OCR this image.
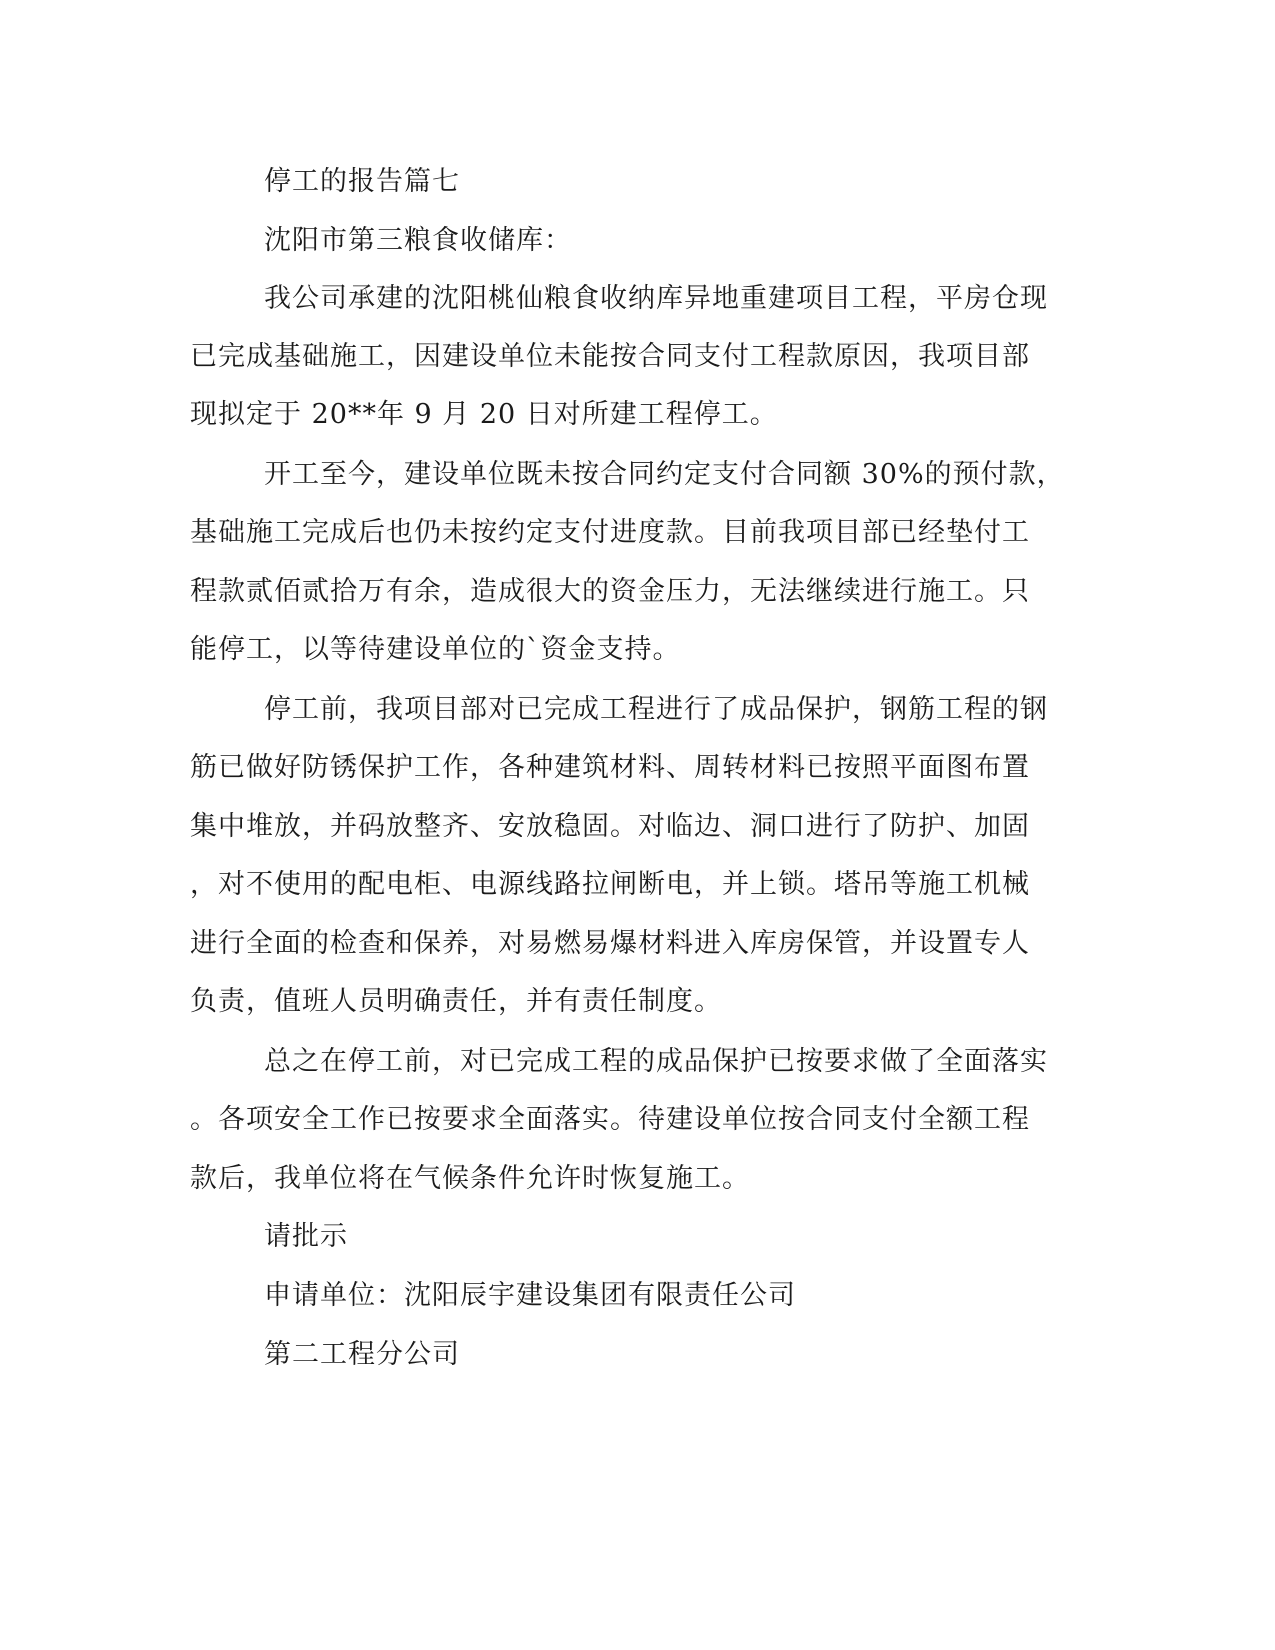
停工的报告篇七

沈阳市第三粮食收储库：

我公司承建的沈阳桃仙粮食收纳库异地重建项目工程，平房仓现

已完成基础施工，因建设单位未能按合同支付工程款原因，我项目部

现拟定于 20**年 9 月 20 日对所建工程停工。

开工至今，建设单位既未按合同约定支付合同额 30%的预付款，

基础施工完成后也仍未按约定支付进度款。目前我项目部已经垫付工

程款贰佰贰拾万有余，造成很大的资金压力，无法继续进行施工。只

能停工，以等待建设单位的`资金支持。

停工前，我项目部对已完成工程进行了成品保护，钢筋工程的钢

筋已做好防锈保护工作，各种建筑材料、周转材料已按照平面图布置

集中堆放，并码放整齐、安放稳固。对临边、洞口进行了防护、加固

，对不使用的配电柜、电源线路拉闸断电，并上锁。塔吊等施工机械

进行全面的检查和保养，对易燃易爆材料进入库房保管，并设置专人

负责，值班人员明确责任，并有责任制度。

总之在停工前，对已完成工程的成品保护已按要求做了全面落实

。各项安全工作已按要求全面落实。待建设单位按合同支付全额工程

款后，我单位将在气候条件允许时恢复施工。

请批示

申请单位：沈阳辰宇建设集团有限责任公司

第二工程分公司
